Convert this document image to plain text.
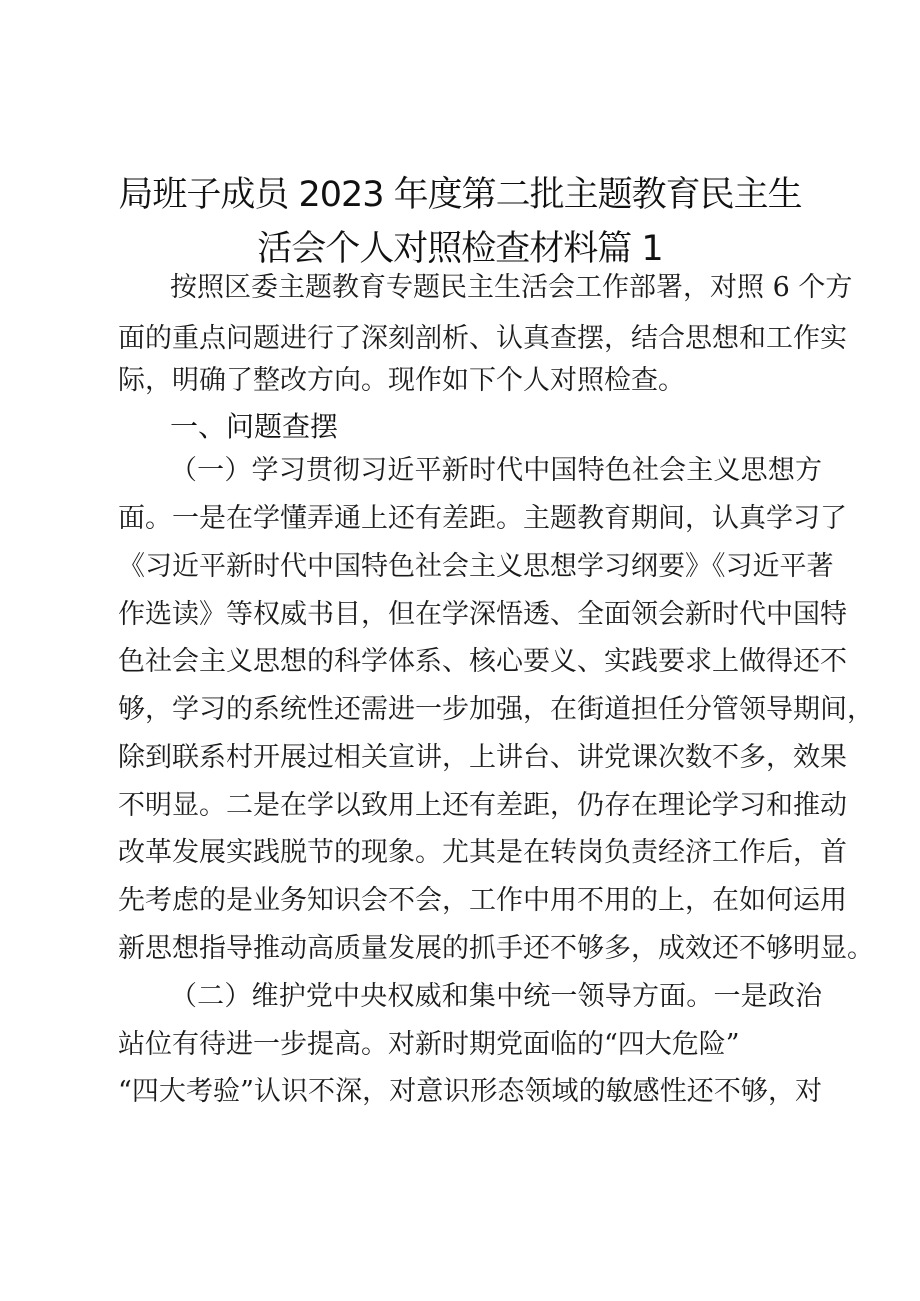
局班子成员 2023 年度第二批主题教育民主生
活会个人对照检查材料篇 1
按照区委主题教育专题民主生活会工作部署，对照 6 个方
面的重点问题进行了深刻剖析、认真查摆，结合思想和工作实
际，明确了整改方向。现作如下个人对照检查。
一、问题查摆
（一）学习贯彻习近平新时代中国特色社会主义思想方
面。一是在学懂弄通上还有差距。主题教育期间，认真学习了
《习近平新时代中国特色社会主义思想学习纲要》《习近平著
作选读》等权威书目，但在学深悟透、全面领会新时代中国特
色社会主义思想的科学体系、核心要义、实践要求上做得还不
够，学习的系统性还需进一步加强，在街道担任分管领导期间，
除到联系村开展过相关宣讲，上讲台、讲党课次数不多，效果
不明显。二是在学以致用上还有差距，仍存在理论学习和推动
改革发展实践脱节的现象。尤其是在转岗负责经济工作后，首
先考虑的是业务知识会不会，工作中用不用的上，在如何运用
新思想指导推动高质量发展的抓手还不够多，成效还不够明显。
（二）维护党中央权威和集中统一领导方面。一是政治
站位有待进一步提高。对新时期党面临的“四大危险”
“四大考验”认识不深，对意识形态领域的敏感性还不够，对
